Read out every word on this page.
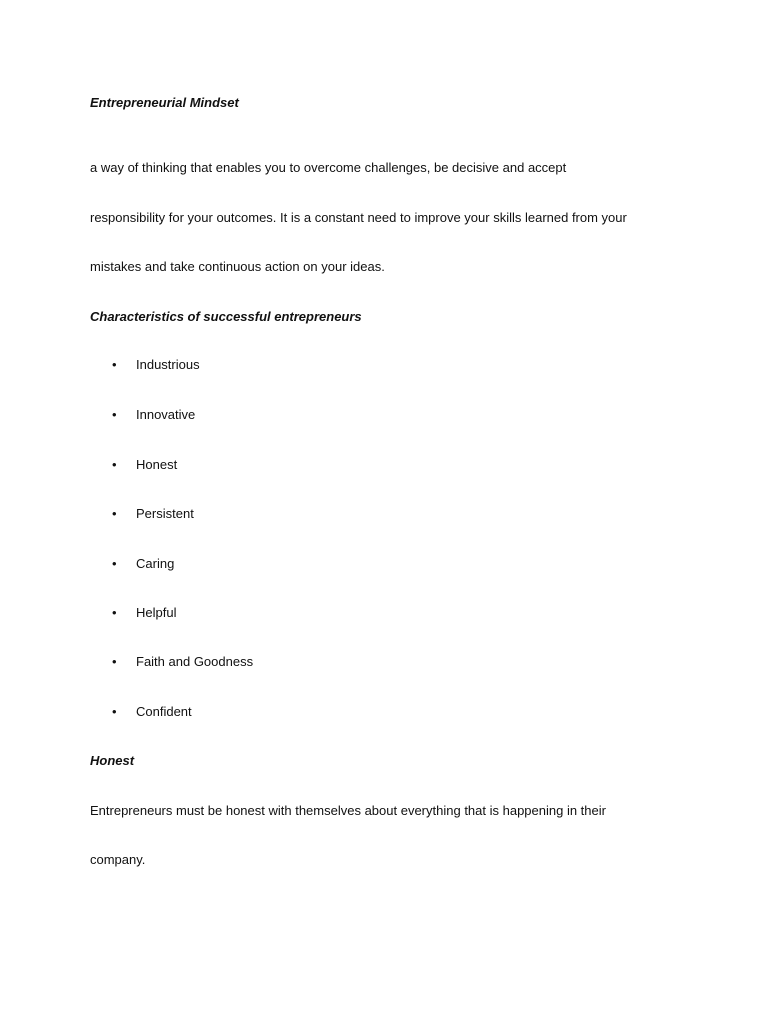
Entrepreneurial Mindset
a way of thinking that enables you to overcome challenges, be decisive and accept
responsibility for your outcomes. It is a constant need to improve your skills learned from your
mistakes and take continuous action on your ideas.
Characteristics of successful entrepreneurs
• Industrious
• Innovative
• Honest
• Persistent
• Caring
• Helpful
• Faith and Goodness
• Confident
Honest
Entrepreneurs must be honest with themselves about everything that is happening in their
company.
